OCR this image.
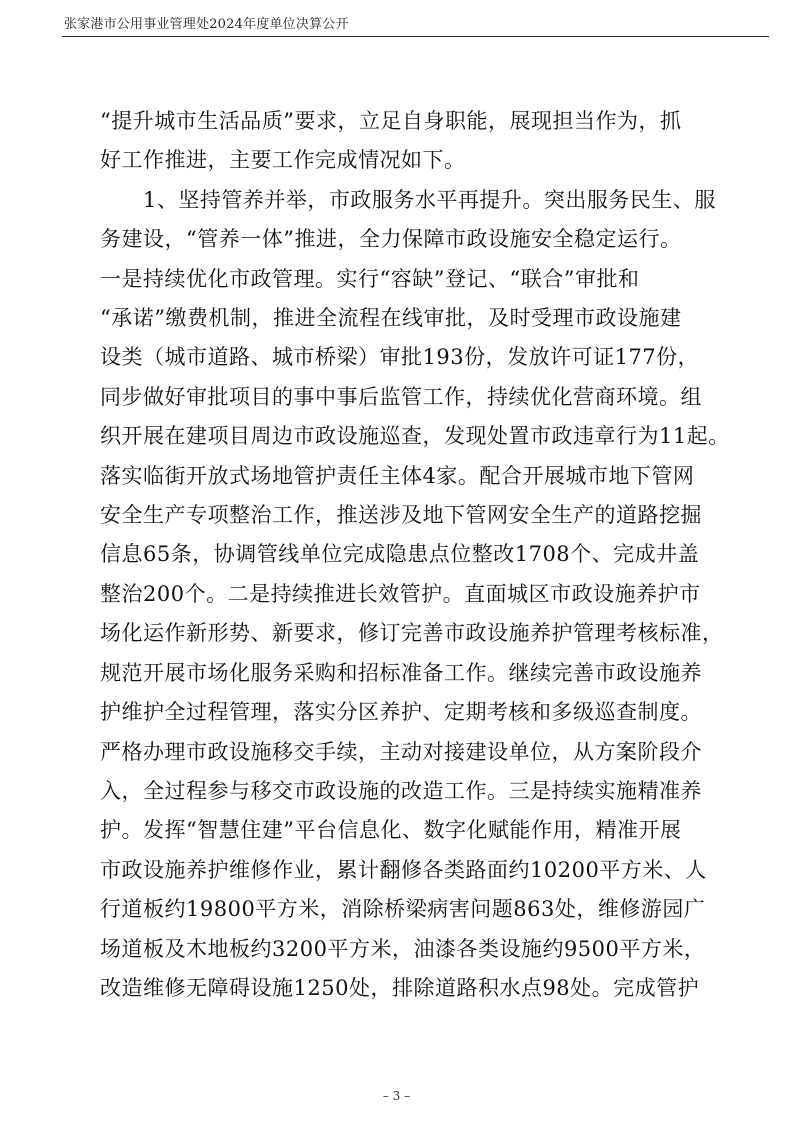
张家港市公用事业管理处2024年度单位决算公开

“提升城市生活品质”要求，立足自身职能，展现担当作为，抓

好工作推进，主要工作完成情况如下。

　　1、坚持管养并举，市政服务水平再提升。突出服务民生、服

务建设，“管养一体”推进，全力保障市政设施安全稳定运行。

一是持续优化市政管理。实行“容缺”登记、“联合”审批和

“承诺”缴费机制，推进全流程在线审批，及时受理市政设施建

设类（城市道路、城市桥梁）审批193份，发放许可证177份，

同步做好审批项目的事中事后监管工作，持续优化营商环境。组

织开展在建项目周边市政设施巡查，发现处置市政违章行为11起。

落实临街开放式场地管护责任主体4家。配合开展城市地下管网

安全生产专项整治工作，推送涉及地下管网安全生产的道路挖掘

信息65条，协调管线单位完成隐患点位整改1708个、完成井盖

整治200个。二是持续推进长效管护。直面城区市政设施养护市

场化运作新形势、新要求，修订完善市政设施养护管理考核标准，

规范开展市场化服务采购和招标准备工作。继续完善市政设施养

护维护全过程管理，落实分区养护、定期考核和多级巡查制度。

严格办理市政设施移交手续，主动对接建设单位，从方案阶段介

入，全过程参与移交市政设施的改造工作。三是持续实施精准养

护。发挥“智慧住建”平台信息化、数字化赋能作用，精准开展

市政设施养护维修作业，累计翻修各类路面约10200平方米、人

行道板约19800平方米，消除桥梁病害问题863处，维修游园广

场道板及木地板约3200平方米，油漆各类设施约9500平方米，

改造维修无障碍设施1250处，排除道路积水点98处。完成管护

– 3 –
